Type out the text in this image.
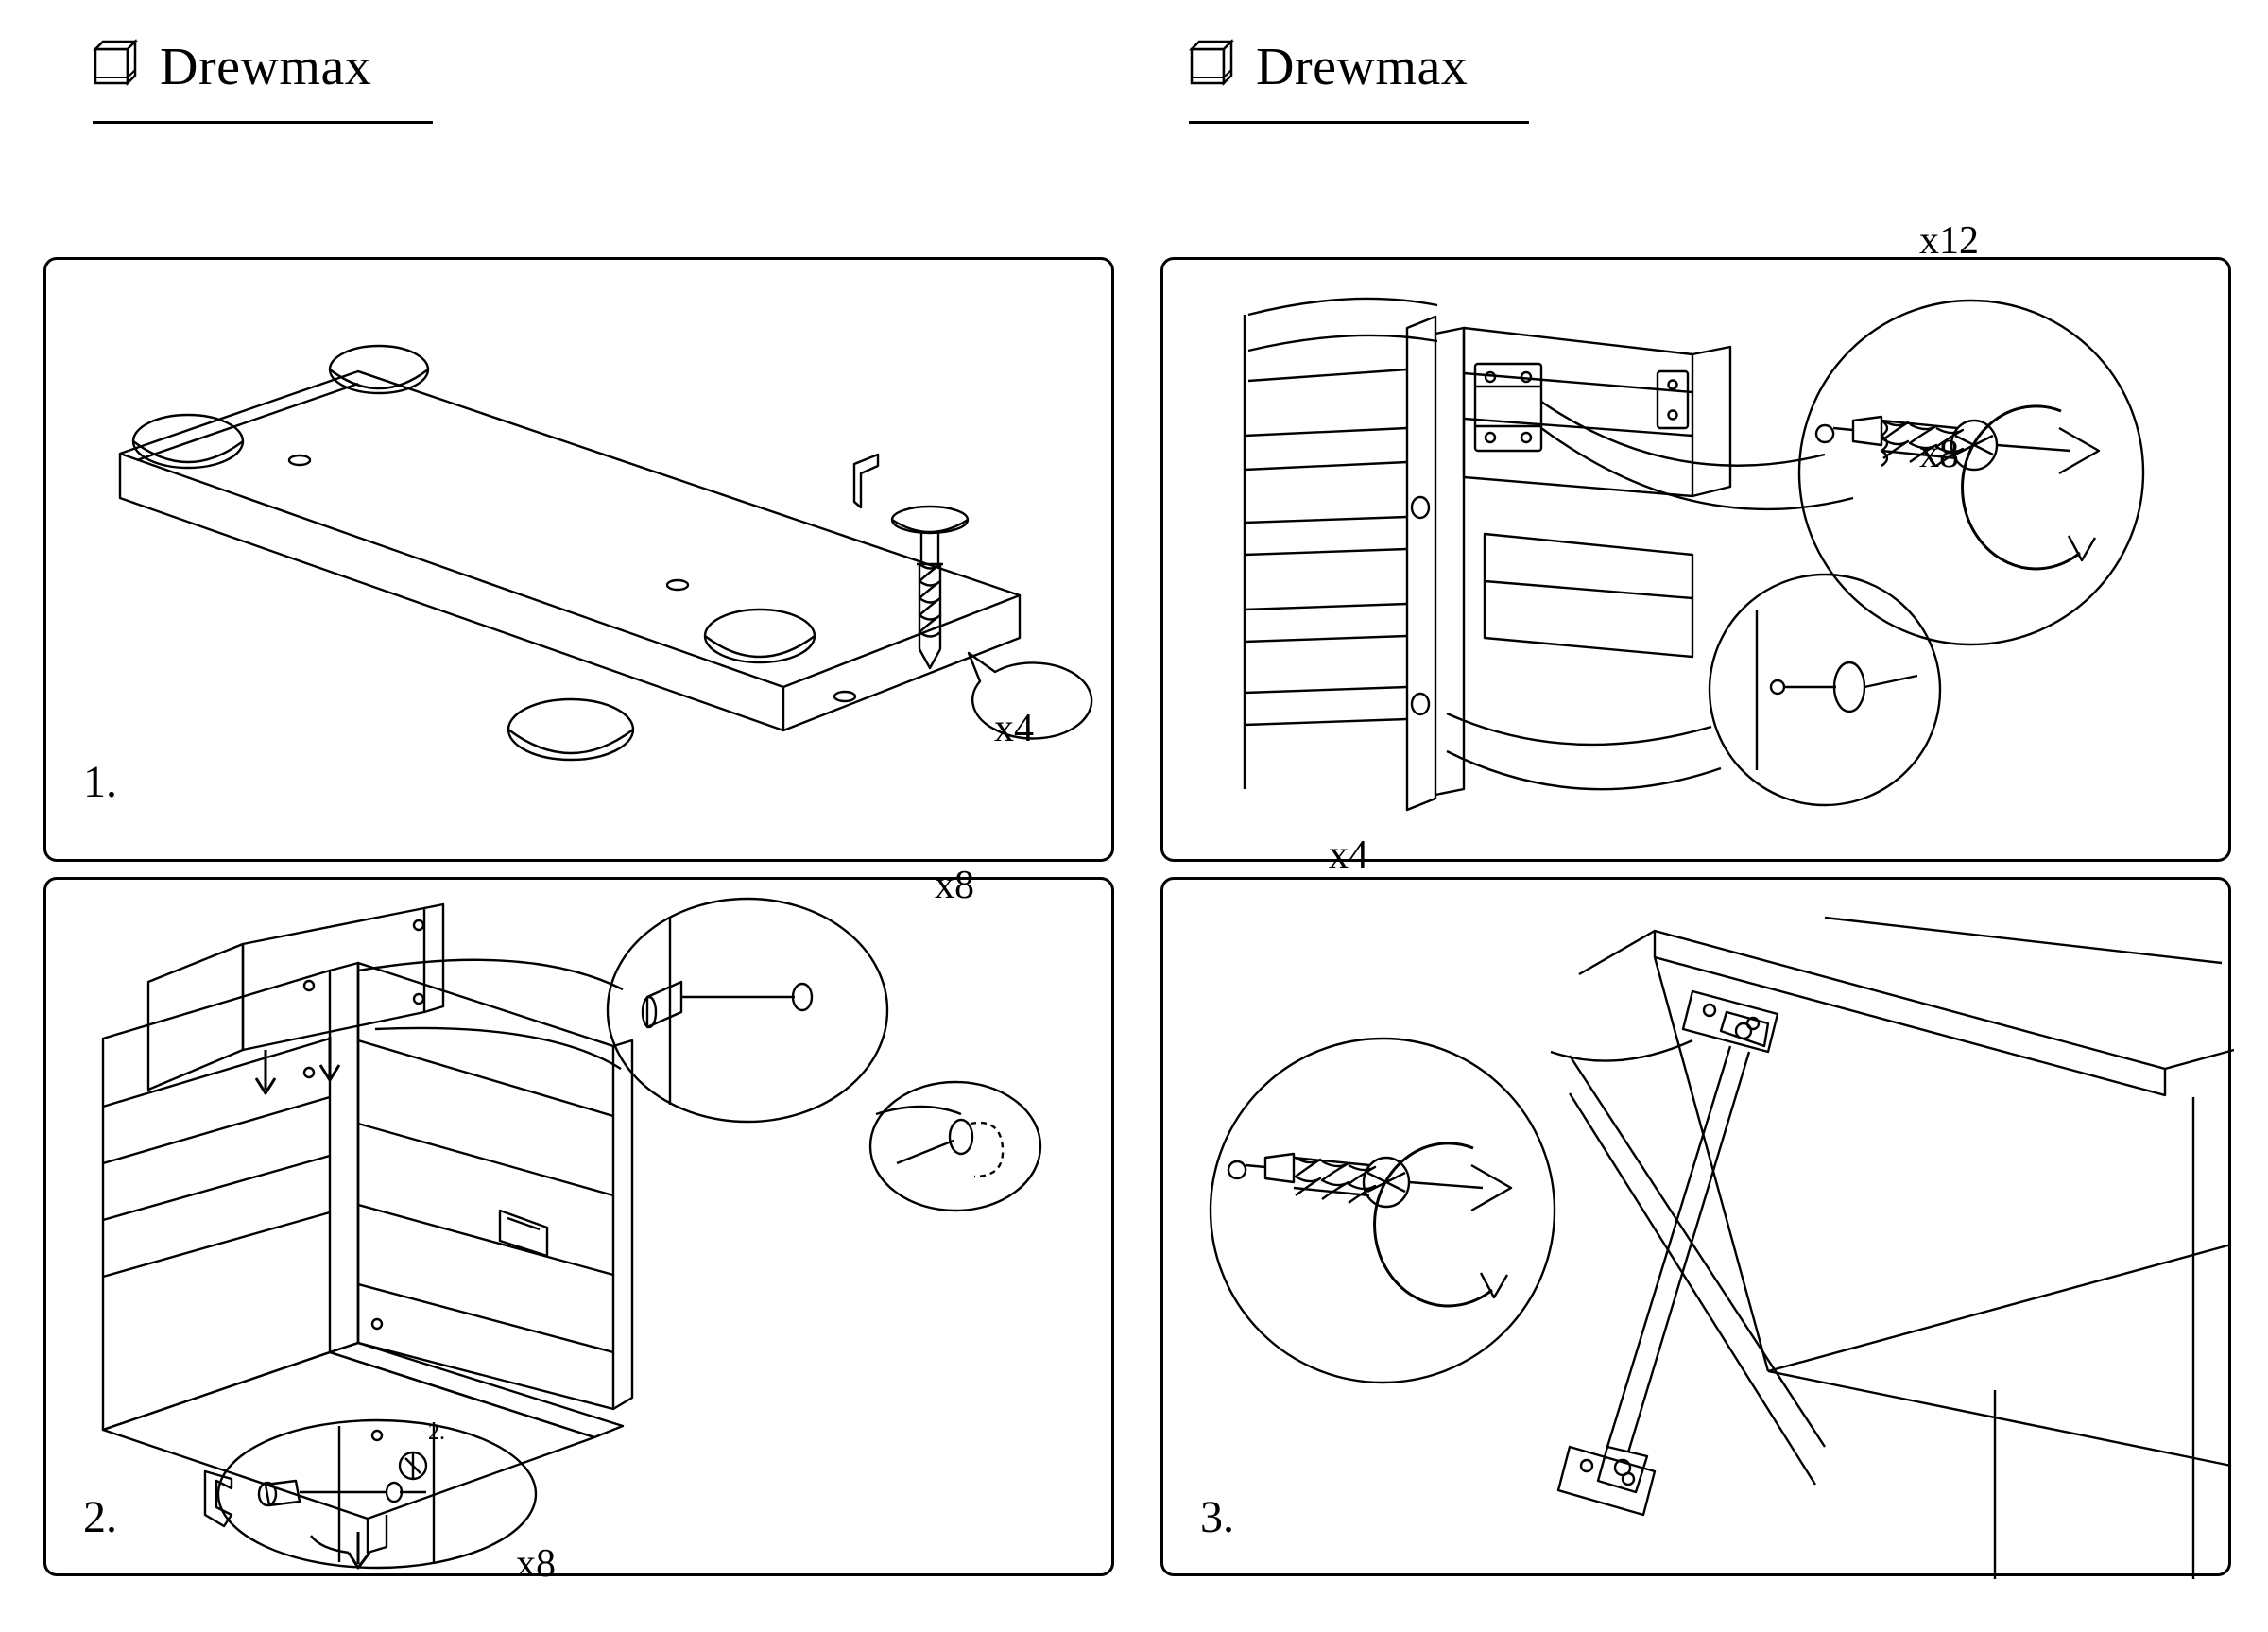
Drewmax	Drewmax
x4
1.
x12
x8
x8
x8
2.
2.
x4
3.
